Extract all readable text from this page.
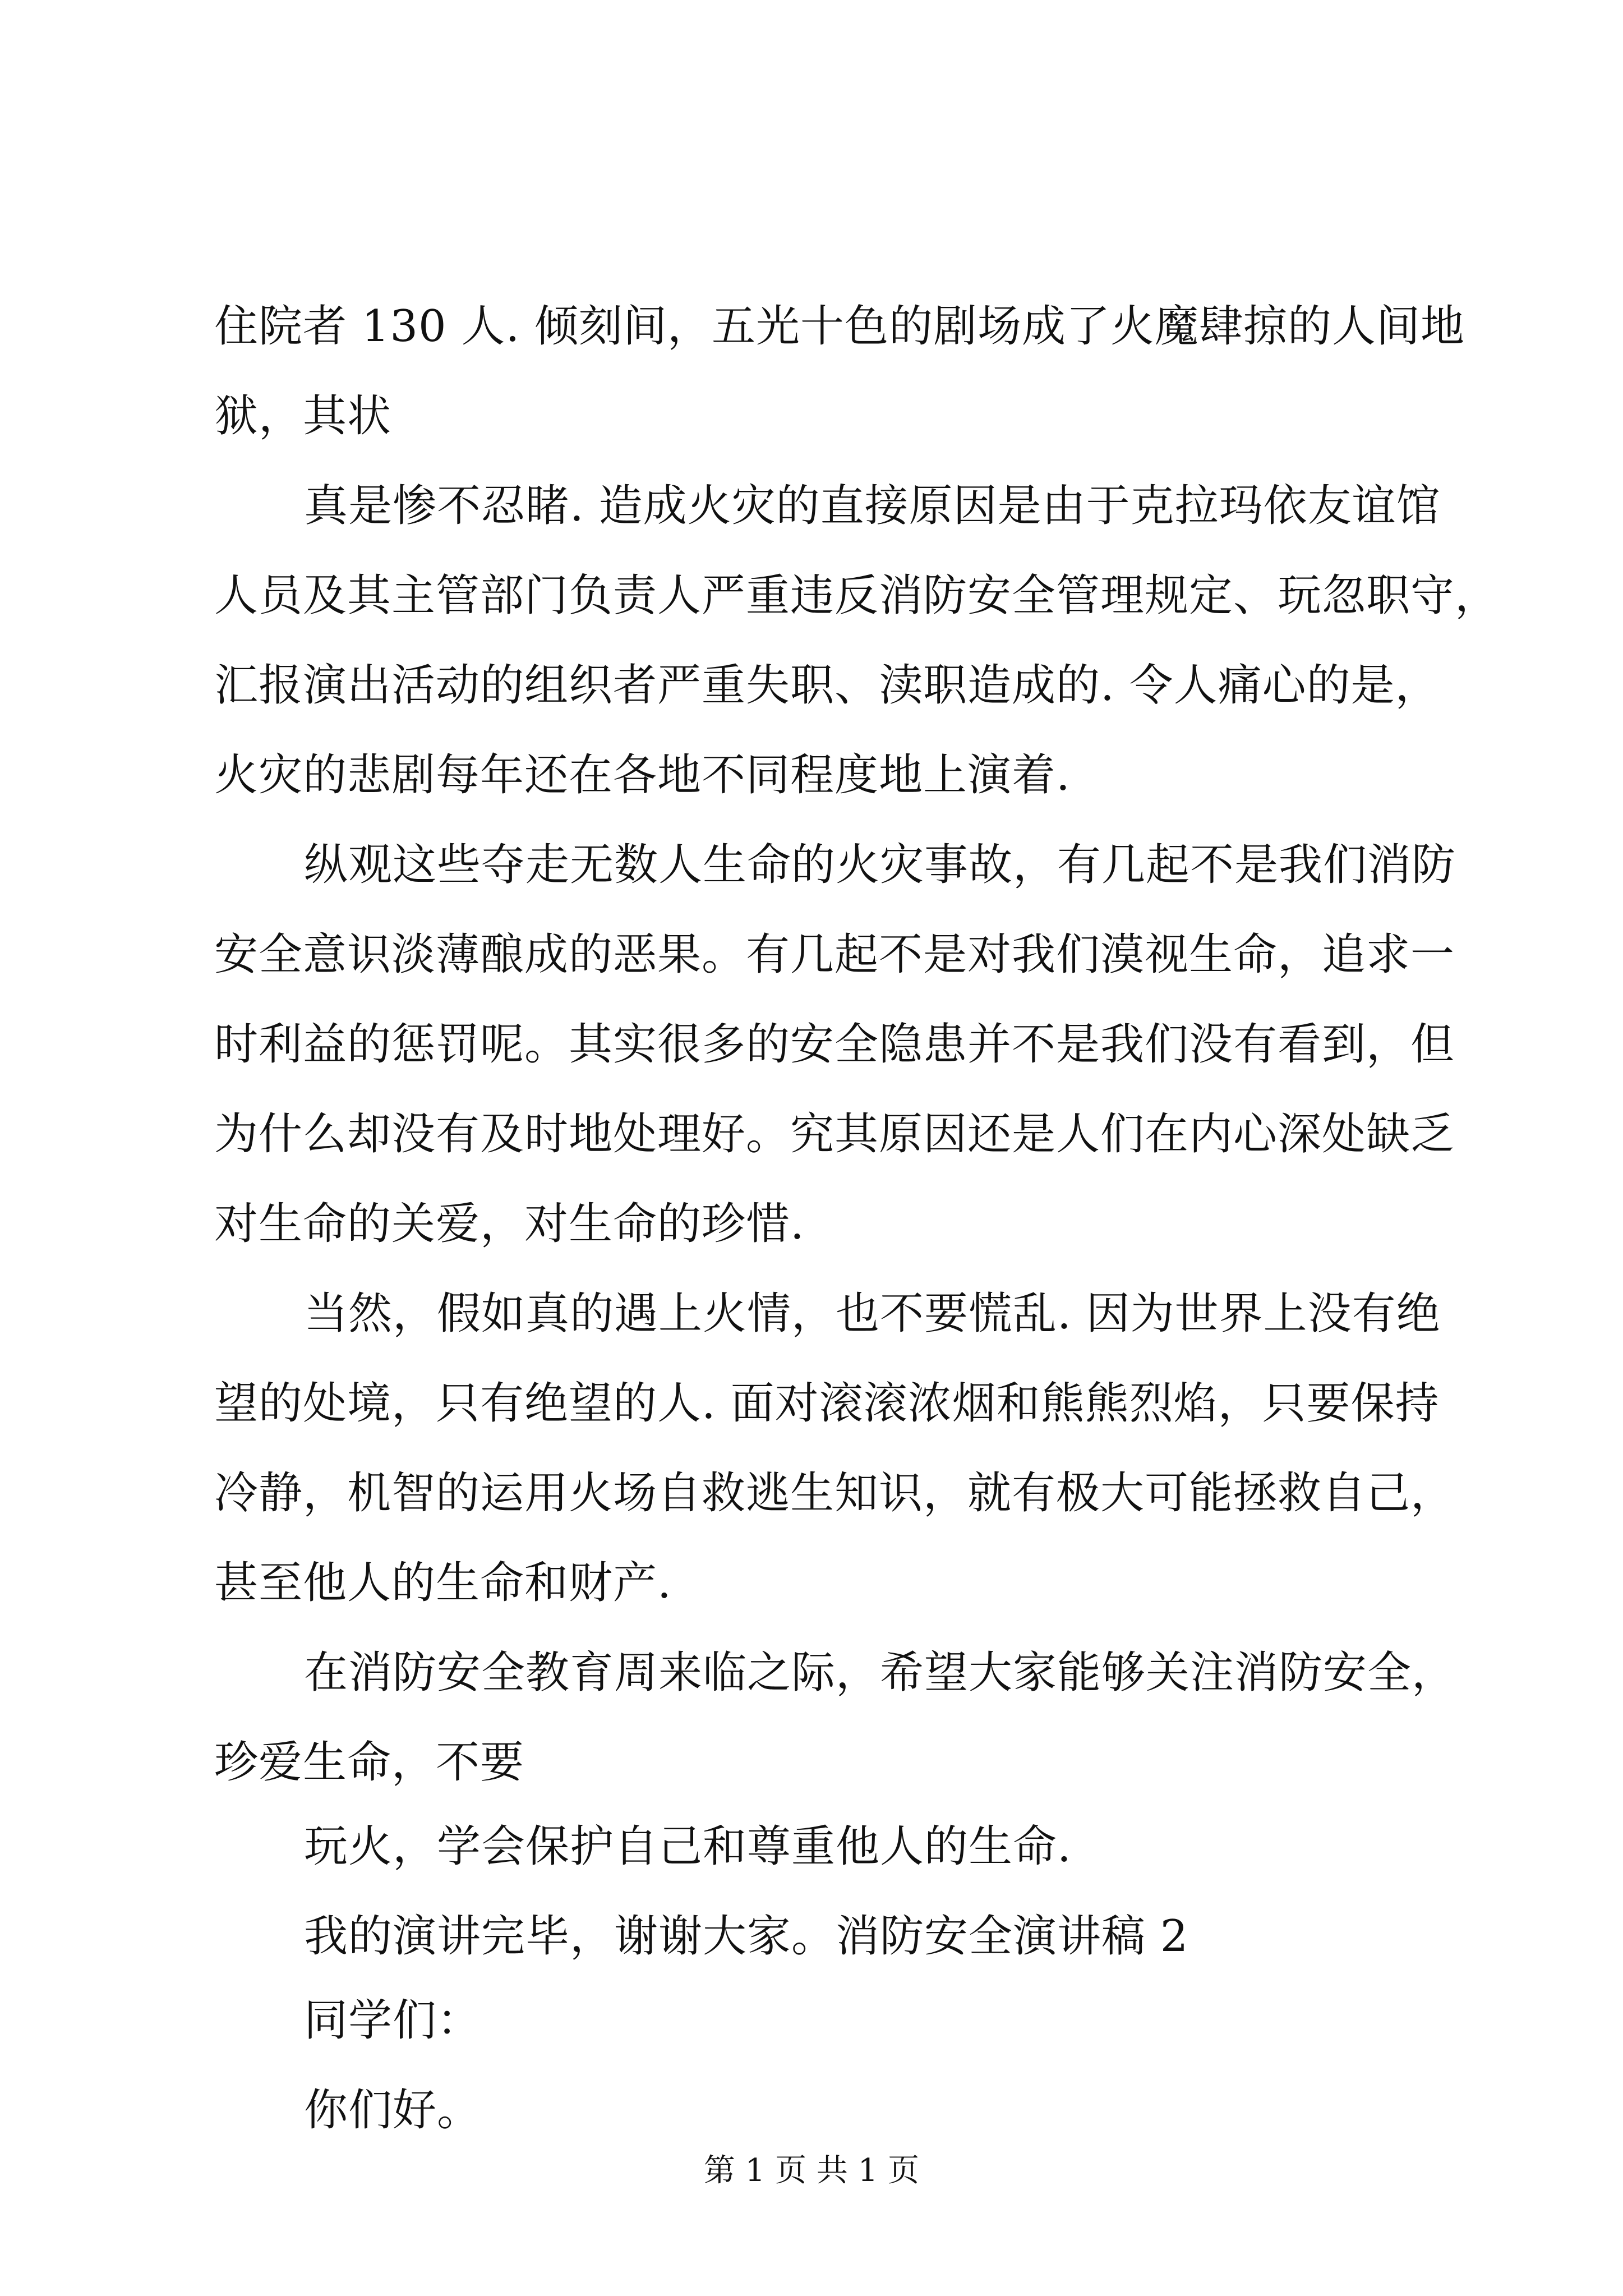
住院者 130 人. 倾刻间，五光十色的剧场成了火魔肆掠的人间地
狱，其状
真是惨不忍睹. 造成火灾的直接原因是由于克拉玛依友谊馆
人员及其主管部门负责人严重违反消防安全管理规定、玩忽职守，
汇报演出活动的组织者严重失职、渎职造成的. 令人痛心的是，
火灾的悲剧每年还在各地不同程度地上演着.
纵观这些夺走无数人生命的火灾事故，有几起不是我们消防
安全意识淡薄酿成的恶果。有几起不是对我们漠视生命，追求一
时利益的惩罚呢。其实很多的安全隐患并不是我们没有看到，但
为什么却没有及时地处理好。究其原因还是人们在内心深处缺乏
对生命的关爱，对生命的珍惜.
当然，假如真的遇上火情，也不要慌乱. 因为世界上没有绝
望的处境，只有绝望的人. 面对滚滚浓烟和熊熊烈焰，只要保持
冷静，机智的运用火场自救逃生知识，就有极大可能拯救自己，
甚至他人的生命和财产.
在消防安全教育周来临之际，希望大家能够关注消防安全，
珍爱生命，不要
玩火，学会保护自己和尊重他人的生命.
我的演讲完毕，谢谢大家。消防安全演讲稿 2
同学们：
你们好。
第 1 页 共 1 页
